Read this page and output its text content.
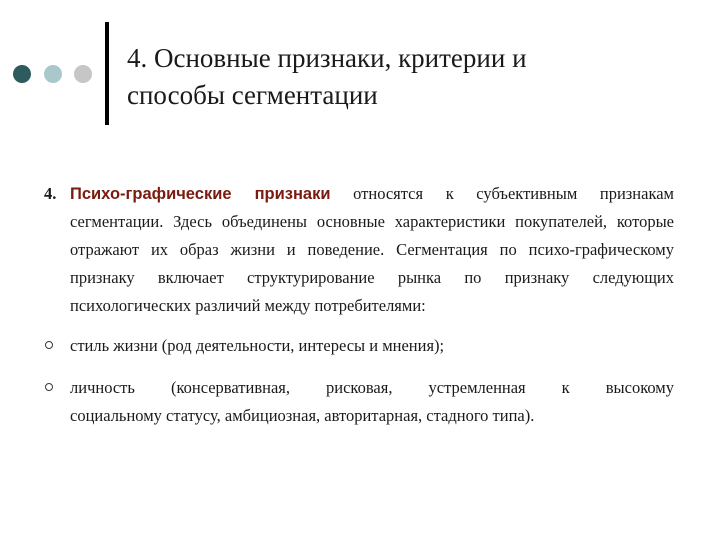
4. Основные признаки, критерии и
способы сегментации

4. Психо-графические признаки относятся к субъективным признакам сегментации. Здесь объединены основные характеристики покупателей, которые отражают их образ жизни и поведение. Сегментация по психо-графическому признаку включает структурирование рынка по признаку следующих психологических различий между потребителями:

стиль жизни (род деятельности, интересы и мнения);

личность (консервативная, рисковая, устремленная к высокому
социальному статусу, амбициозная, авторитарная, стадного типа).
